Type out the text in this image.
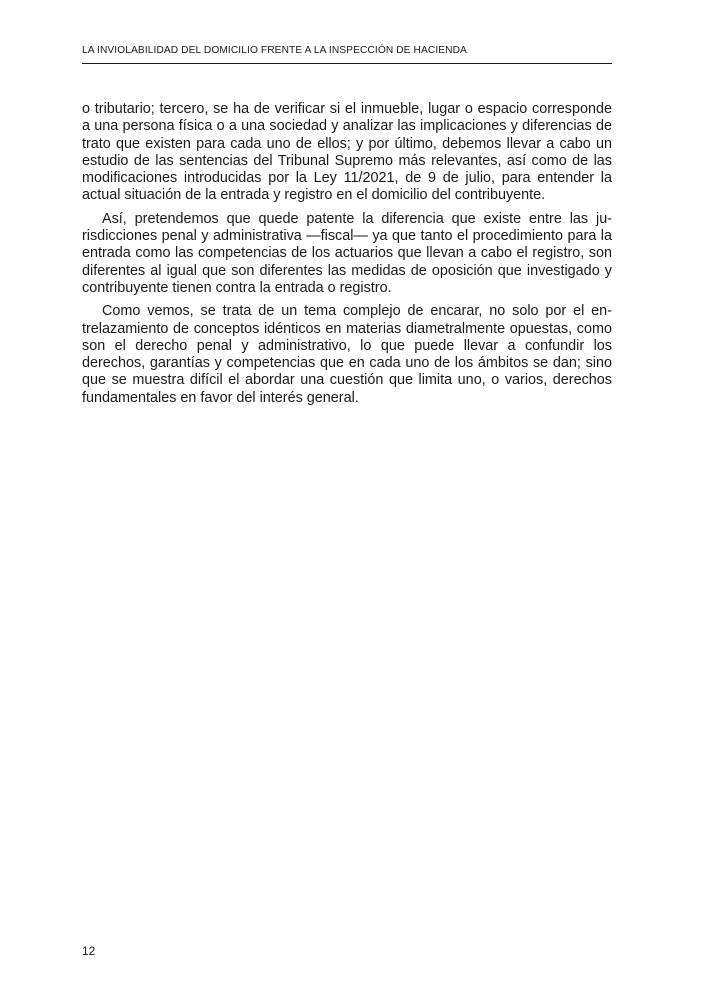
LA INVIOLABILIDAD DEL DOMICILIO FRENTE A LA INSPECCIÓN DE HACIENDA

o tributario; tercero, se ha de verificar si el inmueble, lugar o espacio corresponde a una persona física o a una sociedad y analizar las implicaciones y diferencias de trato que existen para cada uno de ellos; y por último, debemos llevar a cabo un estudio de las sentencias del Tribunal Supremo más relevantes, así como de las modificaciones introducidas por la Ley 11/2021, de 9 de julio, para entender la actual situación de la entrada y registro en el domicilio del contribuyente.

Así, pretendemos que quede patente la diferencia que existe entre las jurisdicciones penal y administrativa —fiscal— ya que tanto el procedimiento para la entrada como las competencias de los actuarios que llevan a cabo el registro, son diferentes al igual que son diferentes las medidas de oposición que investigado y contribuyente tienen contra la entrada o registro.

Como vemos, se trata de un tema complejo de encarar, no solo por el entrelazamiento de conceptos idénticos en materias diametralmente opuestas, como son el derecho penal y administrativo, lo que puede llevar a confundir los derechos, garantías y competencias que en cada uno de los ámbitos se dan; sino que se muestra difícil el abordar una cuestión que limita uno, o varios, derechos fundamentales en favor del interés general.

12
